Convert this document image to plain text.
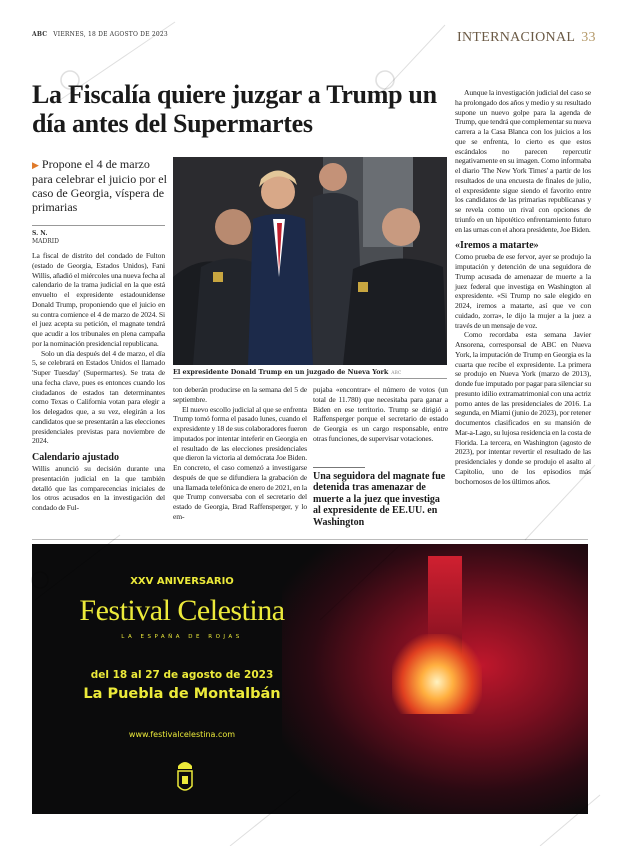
ABC VIERNES, 18 DE AGOSTO DE 2023	INTERNACIONAL 33
La Fiscalía quiere juzgar a Trump un día antes del Supermartes
▶ Propone el 4 de marzo para celebrar el juicio por el caso de Georgia, víspera de primarias
S. N.
MADRID

La fiscal de distrito del condado de Fulton (estado de Georgia, Estados Unidos), Fani Willis, añadió el miércoles una nueva fecha al calendario de la trama judicial en la que está envuelto el expresidente estadounidense Donald Trump, proponiendo que el juicio en su contra comience el 4 de marzo de 2024. Si el juez acepta su petición, el magnate tendrá que acudir a los tribunales en plena campaña por la nominación presidencial republicana.

Solo un día después del 4 de marzo, el día 5, se celebrará en Estados Unidos el llamado 'Super Tuesday' (Supermartes). Se trata de una fecha clave, pues es entonces cuando los ciudadanos de estados tan determinantes como Texas o California votan para elegir a los delegados que, a su vez, elegirán a los candidatos que se presentarán a las elecciones presidenciales previstas para noviembre de 2024.

Calendario ajustado

Willis anunció su decisión durante una presentación judicial en la que también detalló que las comparecencias iniciales de los otros acusados en la investigación del condado de Ful-

El expresidente Donald Trump en un juzgado de Nueva York ABC

ton deberán producirse en la semana del 5 de septiembre.

El nuevo escollo judicial al que se enfrenta Trump tomó forma el pasado lunes, cuando el expresidente y 18 de sus colaboradores fueron imputados por intentar inteferir en Georgia en el resultado de las elecciones presidenciales que dieron la victoria al demócrata Joe Biden. En concreto, el caso comenzó a investigarse después de que se difundiera la grabación de una llamada telefónica de enero de 2021, en la que Trump conversaba con el secretario del estado de Georgia, Brad Raffensperger, y lo em-

pujaba «encontrar» el número de votos (un total de 11.780) que necesitaba para ganar a Biden en ese territorio. Trump se dirigió a Raffensperger porque el secretario de estado de Georgia es un cargo responsable, entre otras funciones, de supervisar votaciones.

Una seguidora del magnate fue detenida tras amenazar de muerte a la juez que investiga al expresidente de EE.UU. en Washington

Aunque la investigación judicial del caso se ha prolongado dos años y medio y su resultado supone un nuevo golpe para la agenda de Trump, que tendrá que complementar su nueva carrera a la Casa Blanca con los juicios a los que se enfrenta, lo cierto es que estos escándalos no parecen repercutir negativamente en su imagen. Como informaba el diario 'The New York Times' a partir de los resultados de una encuesta de finales de julio, el expresidente sigue siendo el favorito entre los candidatos de las primarias republicanas y se revela como un rival con opciones de triunfo en un hipotético enfrentamiento futuro en las urnas con el ahora presidente, Joe Biden.

«Iremos a matarte»

Como prueba de ese fervor, ayer se produjo la imputación y detención de una seguidora de Trump acusada de amenazar de muerte a la juez federal que investiga en Washington al expresidente. «Si Trump no sale elegido en 2024, iremos a matarte, así que ve con cuidado, zorra», le dijo la mujer a la juez a través de un mensaje de voz.

Como recordaba esta semana Javier Ansorena, corresponsal de ABC en Nueva York, la imputación de Trump en Georgia es la cuarta que recibe el expresidente. La primera se produjo en Nueva York (marzo de 2013), donde fue imputado por pagar para silenciar su presunto idilio extramatrimonial con una actriz porno antes de las presidenciales de 2016. La segunda, en Miami (junio de 2023), por retener documentos clasificados en su mansión de Mar-a-Lago, su lujosa residencia en la costa de Florida. La tercera, en Washington (agosto de 2023), por intentar revertir el resultado de las presidenciales y donde se produjo el asalto al Capitolio, uno de los episodios más bochornosos de los últimos años.

XXV ANIVERSARIO
Festival Celestina
LA ESPAÑA DE ROJAS
del 18 al 27 de agosto de 2023
La Puebla de Montalbán
www.festivalcelestina.com
